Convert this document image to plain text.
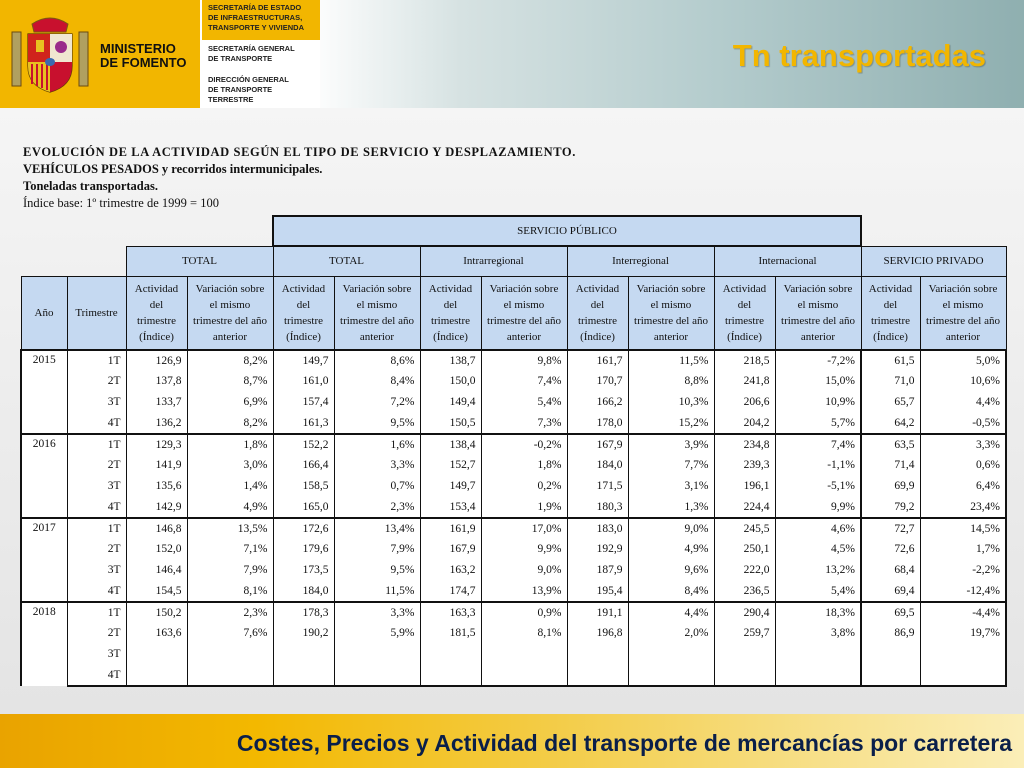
MINISTERIO
DE FOMENTO
SECRETARÍA DE ESTADO
DE INFRAESTRUCTURAS,
TRANSPORTE Y VIVIENDA
SECRETARÍA GENERAL
DE TRANSPORTE
DIRECCIÓN GENERAL
DE TRANSPORTE
TERRESTRE
Tn transportadas
EVOLUCIÓN DE LA ACTIVIDAD SEGÚN EL TIPO DE SERVICIO Y DESPLAZAMIENTO.
VEHÍCULOS PESADOS y recorridos intermunicipales.
Toneladas transportadas.
Índice base: 1º trimestre de 1999 = 100
				SERVICIO PÚBLICO									
		TOTAL		TOTAL		Intrarregional		Interregional		Internacional		SERVICIO PRIVADO	
Año	Trimestre	Actividad del trimestre (Índice)	Variación sobre el mismo trimestre del año anterior	Actividad del trimestre (Índice)	Variación sobre el mismo trimestre del año anterior	Actividad del trimestre (Índice)	Variación sobre el mismo trimestre del año anterior	Actividad del trimestre (Índice)	Variación sobre el mismo trimestre del año anterior	Actividad del trimestre (Índice)	Variación sobre el mismo trimestre del año anterior	Actividad del trimestre (Índice)	Variación sobre el mismo trimestre del año anterior
2015	1T	126,9	8,2%	149,7	8,6%	138,7	9,8%	161,7	11,5%	218,5	-7,2%	61,5	5,0%
	2T	137,8	8,7%	161,0	8,4%	150,0	7,4%	170,7	8,8%	241,8	15,0%	71,0	10,6%
	3T	133,7	6,9%	157,4	7,2%	149,4	5,4%	166,2	10,3%	206,6	10,9%	65,7	4,4%
	4T	136,2	8,2%	161,3	9,5%	150,5	7,3%	178,0	15,2%	204,2	5,7%	64,2	-0,5%
2016	1T	129,3	1,8%	152,2	1,6%	138,4	-0,2%	167,9	3,9%	234,8	7,4%	63,5	3,3%
	2T	141,9	3,0%	166,4	3,3%	152,7	1,8%	184,0	7,7%	239,3	-1,1%	71,4	0,6%
	3T	135,6	1,4%	158,5	0,7%	149,7	0,2%	171,5	3,1%	196,1	-5,1%	69,9	6,4%
	4T	142,9	4,9%	165,0	2,3%	153,4	1,9%	180,3	1,3%	224,4	9,9%	79,2	23,4%
2017	1T	146,8	13,5%	172,6	13,4%	161,9	17,0%	183,0	9,0%	245,5	4,6%	72,7	14,5%
	2T	152,0	7,1%	179,6	7,9%	167,9	9,9%	192,9	4,9%	250,1	4,5%	72,6	1,7%
	3T	146,4	7,9%	173,5	9,5%	163,2	9,0%	187,9	9,6%	222,0	13,2%	68,4	-2,2%
	4T	154,5	8,1%	184,0	11,5%	174,7	13,9%	195,4	8,4%	236,5	5,4%	69,4	-12,4%
2018	1T	150,2	2,3%	178,3	3,3%	163,3	0,9%	191,1	4,4%	290,4	18,3%	69,5	-4,4%
	2T	163,6	7,6%	190,2	5,9%	181,5	8,1%	196,8	2,0%	259,7	3,8%	86,9	19,7%
	3T												
	4T												
Costes, Precios y Actividad del transporte de mercancías por carretera
